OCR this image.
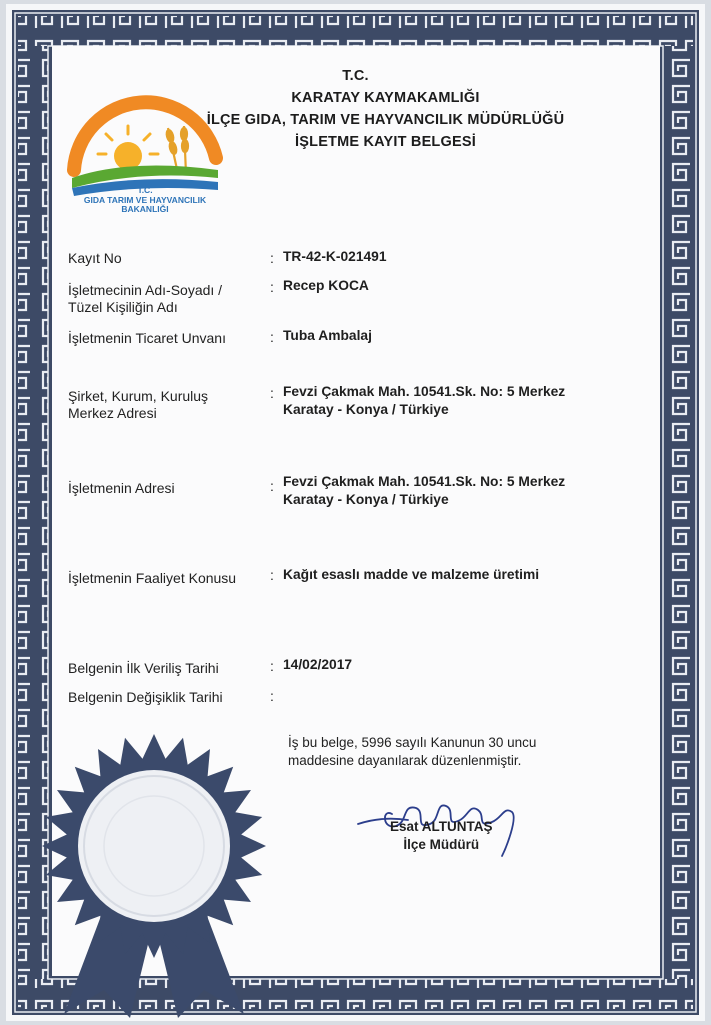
T.C.
GIDA TARIM VE HAYVANCILIK
BAKANLIĞI
T.C.
KARATAY KAYMAKAMLIĞI
İLÇE GIDA, TARIM VE HAYVANCILIK MÜDÜRLÜĞÜ
İŞLETME KAYIT BELGESİ
Kayıt No	: TR-42-K-021491
İşletmecinin Adı-Soyadı /
Tüzel Kişiliğin Adı
: Recep KOCA
İşletmenin Ticaret Unvanı	: Tuba Ambalaj
Şirket, Kurum, Kuruluş
Merkez Adresi
: Fevzi Çakmak Mah. 10541.Sk. No: 5 Merkez
Karatay - Konya / Türkiye
İşletmenin Adresi	: Fevzi Çakmak Mah. 10541.Sk. No: 5 Merkez
Karatay - Konya / Türkiye
İşletmenin Faaliyet Konusu : Kağıt esaslı madde ve malzeme üretimi
Belgenin İlk Veriliş Tarihi	: 14/02/2017
Belgenin Değişiklik Tarihi	:
İş bu belge, 5996 sayılı Kanunun 30 uncu
maddesine dayanılarak düzenlenmiştir.
Esat ALTUNTAŞ
İlçe Müdürü
